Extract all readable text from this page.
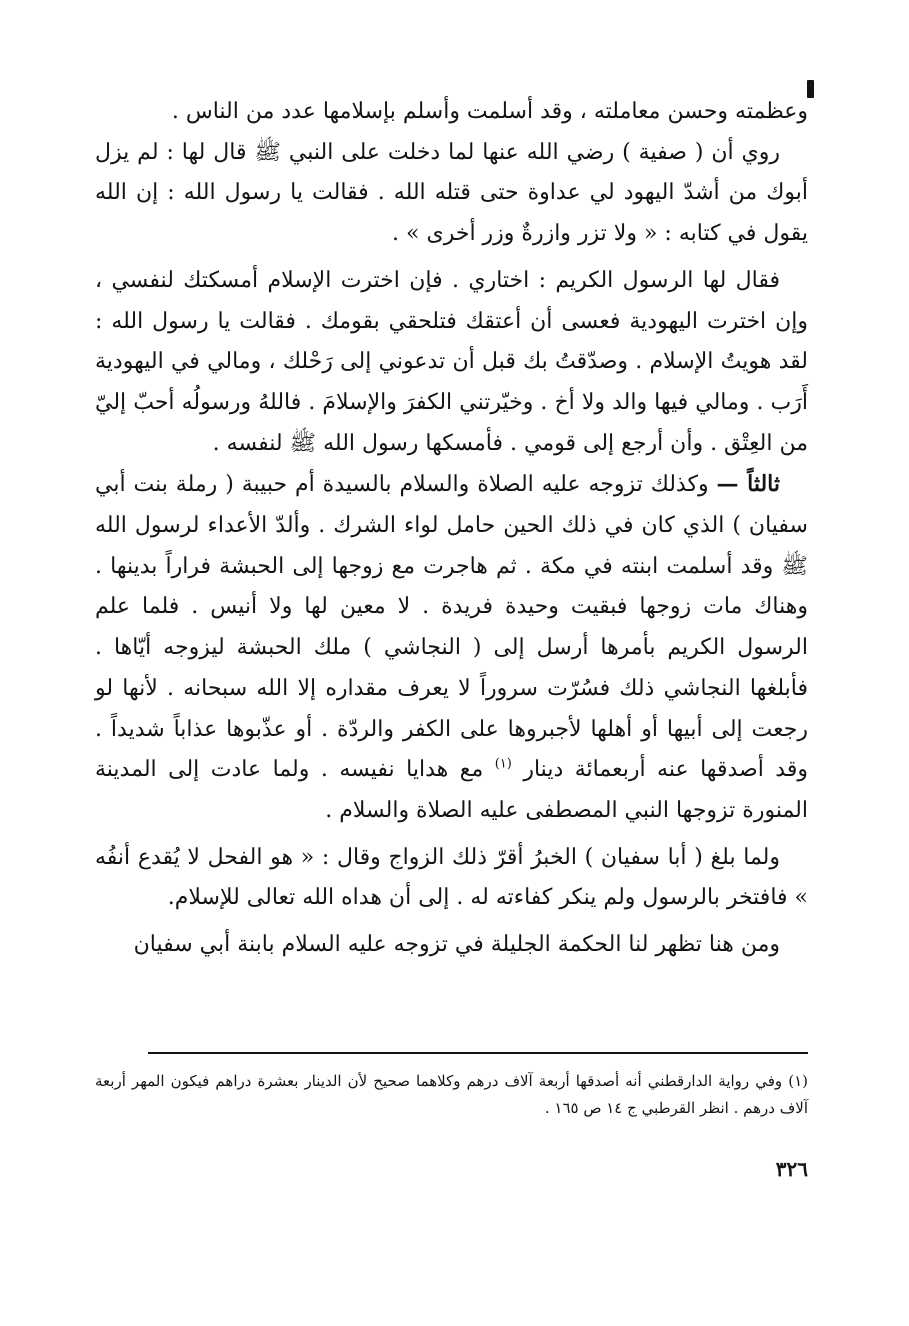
وعظمته وحسن معاملته ، وقد أسلمت وأسلم بإسلامها عدد من الناس .

روي أن ( صفية ) رضي الله عنها لما دخلت على النبي ﷺ قال لها : لم يزل أبوك من أشدّ اليهود لي عداوة حتى قتله الله . فقالت يا رسول الله : إن الله يقول في كتابه : « ولا تزر وازرةٌ وزر أخرى » .

فقال لها الرسول الكريم : اختاري . فإن اخترت الإسلام أمسكتك لنفسي ، وإن اخترت اليهودية فعسى أن أعتقك فتلحقي بقومك . فقالت يا رسول الله : لقد هويتُ الإسلام . وصدّقتُ بك قبل أن تدعوني إلى رَحْلك ، ومالي في اليهودية أَرَب . ومالي فيها والد ولا أخ . وخيّرتني الكفرَ والإسلامَ . فاللهُ ورسولُه أحبّ إليّ من العِتْق . وأن أرجع إلى قومي . فأمسكها رسول الله ﷺ لنفسه .

ثالثاً — وكذلك تزوجه عليه الصلاة والسلام بالسيدة أم حبيبة ( رملة بنت أبي سفيان ) الذي كان في ذلك الحين حامل لواء الشرك . وألدّ الأعداء لرسول الله ﷺ وقد أسلمت ابنته في مكة . ثم هاجرت مع زوجها إلى الحبشة فراراً بدينها . وهناك مات زوجها فبقيت وحيدة فريدة . لا معين لها ولا أنيس . فلما علم الرسول الكريم بأمرها أرسل إلى ( النجاشي ) ملك الحبشة ليزوجه أيّاها . فأبلغها النجاشي ذلك فسُرّت سروراً لا يعرف مقداره إلا الله سبحانه . لأنها لو رجعت إلى أبيها أو أهلها لأجبروها على الكفر والردّة . أو عذّبوها عذاباً شديداً . وقد أصدقها عنه أربعمائة دينار $^{(١)}$ مع هدايا نفيسه . ولما عادت إلى المدينة المنورة تزوجها النبي المصطفى عليه الصلاة والسلام .

ولما بلغ ( أبا سفيان ) الخبرُ أقرّ ذلك الزواج وقال : « هو الفحل لا يُقدع أنفُه » فافتخر بالرسول ولم ينكر كفاءته له . إلى أن هداه الله تعالى للإسلام.

ومن هنا تظهر لنا الحكمة الجليلة في تزوجه عليه السلام بابنة أبي سفيان

(١) وفي رواية الدارقطني أنه أصدقها أربعة آلاف درهم وكلاهما صحيح لأن الدينار بعشرة دراهم فيكون المهر أربعة آلاف درهم . انظر القرطبي ج ١٤ ص ١٦٥ .

٣٢٦
